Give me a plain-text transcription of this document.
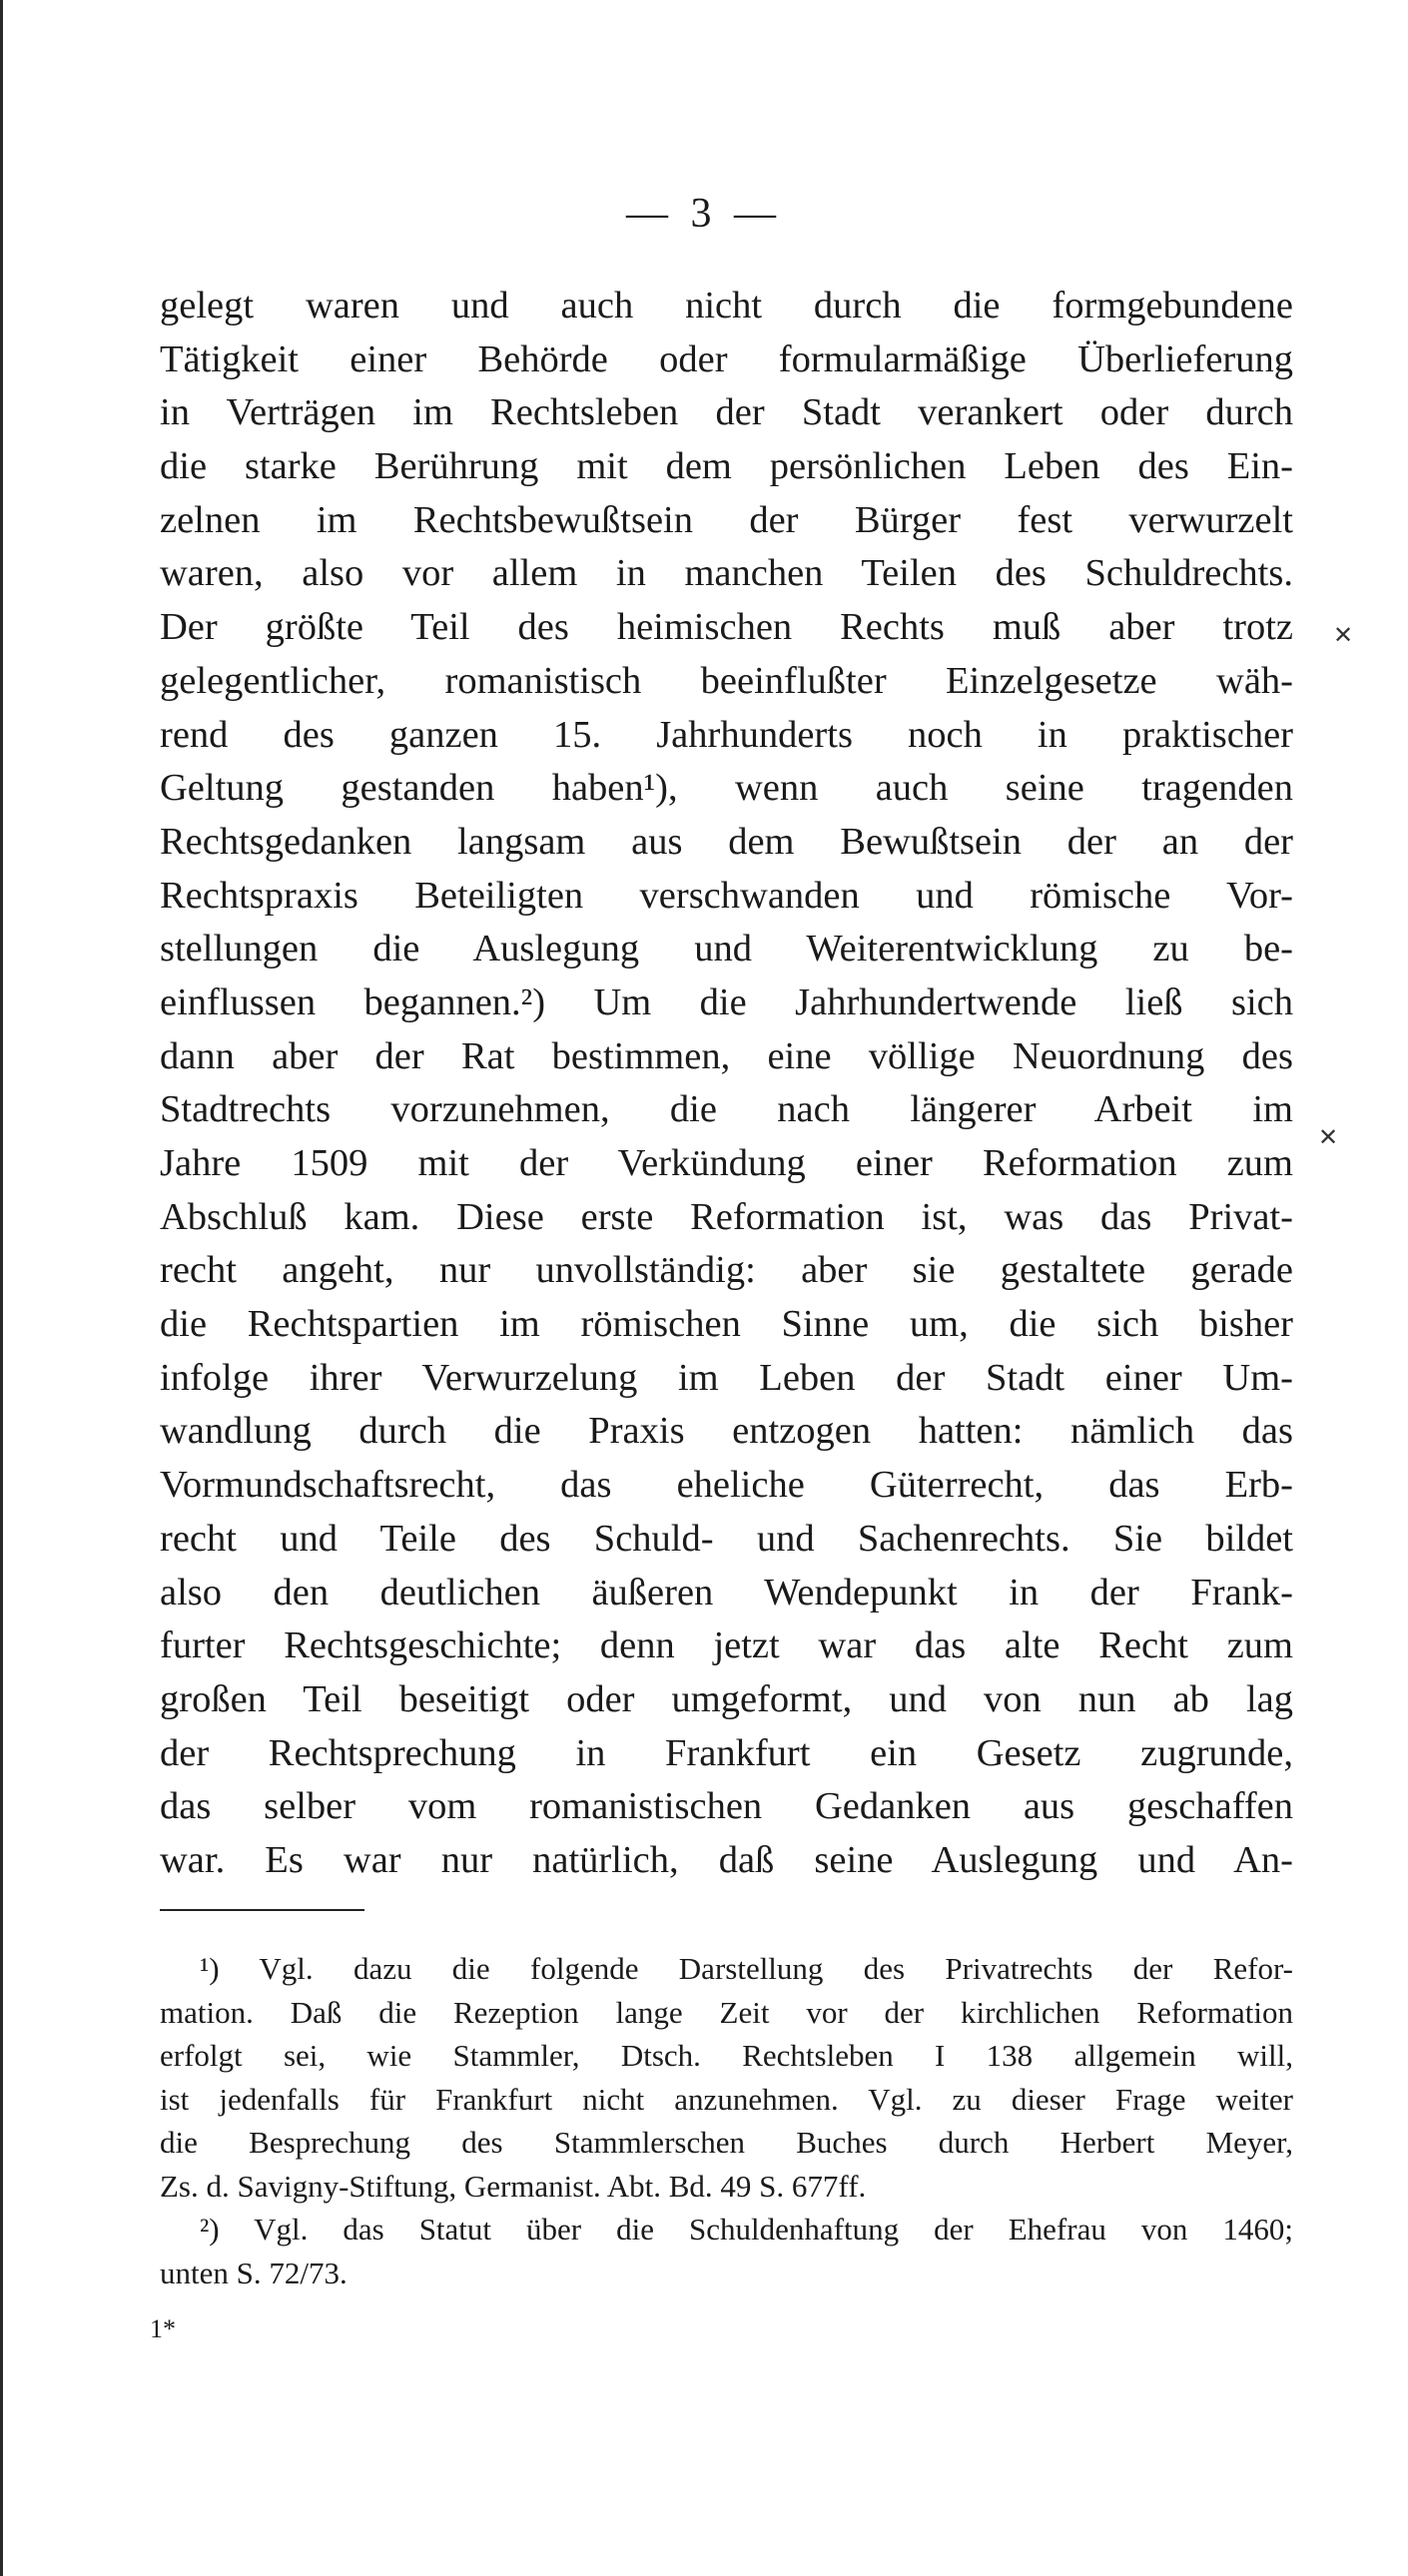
— 3 —
gelegt waren und auch nicht durch die formgebundene
Tätigkeit einer Behörde oder formularmäßige Überlieferung
in Verträgen im Rechtsleben der Stadt verankert oder durch
die starke Berührung mit dem persönlichen Leben des Ein-
zelnen im Rechtsbewußtsein der Bürger fest verwurzelt
waren, also vor allem in manchen Teilen des Schuldrechts.
Der größte Teil des heimischen Rechts muß aber trotz
gelegentlicher, romanistisch beeinflußter Einzelgesetze wäh-
rend des ganzen 15. Jahrhunderts noch in praktischer
Geltung gestanden haben¹), wenn auch seine tragenden
Rechtsgedanken langsam aus dem Bewußtsein der an der
Rechtspraxis Beteiligten verschwanden und römische Vor-
stellungen die Auslegung und Weiterentwicklung zu be-
einflussen begannen.²) Um die Jahrhundertwende ließ sich
dann aber der Rat bestimmen, eine völlige Neuordnung des
Stadtrechts vorzunehmen, die nach längerer Arbeit im
Jahre 1509 mit der Verkündung einer Reformation zum
Abschluß kam. Diese erste Reformation ist, was das Privat-
recht angeht, nur unvollständig: aber sie gestaltete gerade
die Rechtspartien im römischen Sinne um, die sich bisher
infolge ihrer Verwurzelung im Leben der Stadt einer Um-
wandlung durch die Praxis entzogen hatten: nämlich das
Vormundschaftsrecht, das eheliche Güterrecht, das Erb-
recht und Teile des Schuld- und Sachenrechts. Sie bildet
also den deutlichen äußeren Wendepunkt in der Frank-
furter Rechtsgeschichte; denn jetzt war das alte Recht zum
großen Teil beseitigt oder umgeformt, und von nun ab lag
der Rechtsprechung in Frankfurt ein Gesetz zugrunde,
das selber vom romanistischen Gedanken aus geschaffen
war. Es war nur natürlich, daß seine Auslegung und An-
✕
✕
¹) Vgl. dazu die folgende Darstellung des Privatrechts der Refor-
mation. Daß die Rezeption lange Zeit vor der kirchlichen Reformation
erfolgt sei, wie Stammler, Dtsch. Rechtsleben I 138 allgemein will,
ist jedenfalls für Frankfurt nicht anzunehmen. Vgl. zu dieser Frage weiter
die Besprechung des Stammlerschen Buches durch Herbert Meyer,
Zs. d. Savigny-Stiftung, Germanist. Abt. Bd. 49 S. 677ff.
²) Vgl. das Statut über die Schuldenhaftung der Ehefrau von 1460;
unten S. 72/73.
1*
